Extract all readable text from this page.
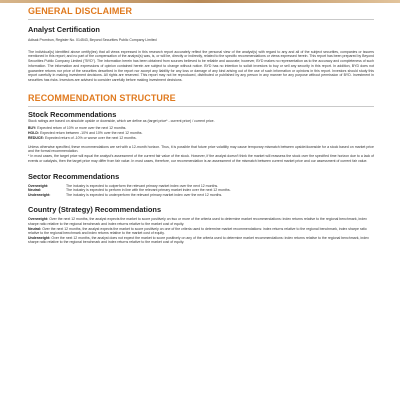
GENERAL DISCLAIMER

Analyst Certification

Adisak Prombun, Register No. 014543, Beyond Securities Public Company Limited

The individual(s) identified above certify(ies) that all views expressed in this research report accurately reflect the personal view of the analyst(s) with regard to any and all of the subject securities, companies or issuers mentioned in this report; and no part of the compensation of the analyst(s) was, is, or will be, directly or indirectly, related to the specific recommendations or views expressed herein. This report has been prepared by Beyond Securities Public Company Limited ("BYD"). The information herein has been obtained from sources believed to be reliable and accurate; however, BYD makes no representation as to the accuracy and completeness of such information. The information and expressions of opinion contained herein are subject to change without notice. BYD has no intention to solicit investors to buy or sell any security in this report. In addition, BYD does not guarantee returns nor price of the securities described in the report nor accept any liability for any loss or damage of any kind arising out of the use of such information or opinions in this report. Investors should study this report carefully in making investment decisions. All rights are reserved. This report may not be reproduced, distributed or published by any person in any manner for any purpose without permission of BYD. Investment in securities has risks. Investors are advised to consider carefully before making investment decisions.

RECOMMENDATION STRUCTURE

Stock Recommendations

Stock ratings are based on absolute upside or downside, which we define as (target price* - current price) / current price.

BUY: Expected return of 10% or more over the next 12 months.

HOLD: Expected return between -10% and 10% over the next 12 months.

REDUCE: Expected return of -10% or worse over the next 12 months.

Unless otherwise specified, these recommendations are set with a 12-month horizon. Thus, it is possible that future price volatility may cause temporary mismatch between upside/downside for a stock based on market price and the formal recommendation.

* In most cases, the target price will equal the analyst's assessment of the current fair value of the stock. However, if the analyst doesn't think the market will reassess the stock over the specified time horizon due to a lack of events or catalysts, then the target price may differ from fair value. In most cases, therefore, our recommendation is an assessment of the mismatch between current market price and our assessment of current fair value.

Sector Recommendations

Overweight:	The industry is expected to outperform the relevant primary market index over the next 12 months.
Neutral:	The industry is expected to perform in line with the relevant primary market index over the next 12 months.
Underweight:	The industry is expected to underperform the relevant primary market index over the next 12 months.

Country (Strategy) Recommendations

Overweight: Over the next 12 months, the analyst expects the market to score positively on two or more of the criteria used to determine market recommendations: index returns relative to the regional benchmark, index sharpe ratio relative to the regional benchmark and index returns relative to the market cost of equity.

Neutral: Over the next 12 months, the analyst expects the market to score positively on one of the criteria used to determine market recommendations: index returns relative to the regional benchmark, index sharpe ratio relative to the regional benchmark and index returns relative to the market cost of equity.

Underweight: Over the next 12 months, the analyst does not expect the market to score positively on any of the criteria used to determine market recommendations: index returns relative to the regional benchmark, index sharpe ratio relative to the regional benchmark and index returns relative to the market cost of equity.
